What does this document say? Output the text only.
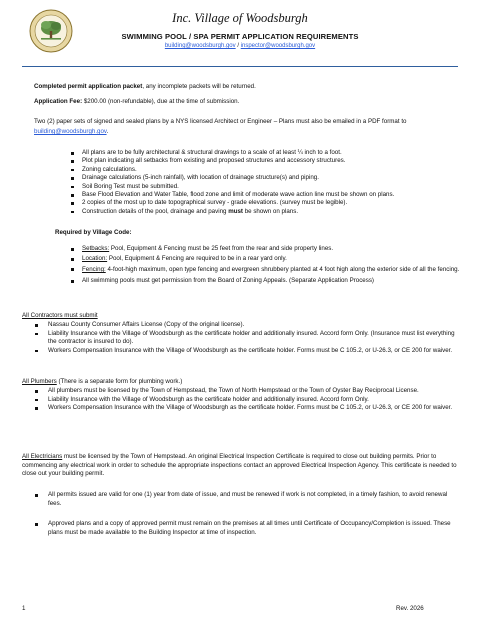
Inc. Village of Woodsburgh
SWIMMING POOL / SPA PERMIT APPLICATION REQUIREMENTS
building@woodsburgh.gov / inspector@woodsburgh.gov
Completed permit application packet, any incomplete packets will be returned.
Application Fee: $200.00 (non-refundable), due at the time of submission.
Two (2) paper sets of signed and sealed plans by a NYS licensed Architect or Engineer – Plans must also be emailed in a PDF format to building@woodsburgh.gov.
All plans are to be fully architectural & structural drawings to a scale of at least ¼ inch to a foot.
Plot plan indicating all setbacks from existing and proposed structures and accessory structures.
Zoning calculations.
Drainage calculations (5-inch rainfall), with location of drainage structure(s) and piping.
Soil Boring Test must be submitted.
Base Flood Elevation and Water Table, flood zone and limit of moderate wave action line must be shown on plans.
2 copies of the most up to date topographical survey - grade elevations. (survey must be legible).
Construction details of the pool, drainage and paving must be shown on plans.
Required by Village Code:
Setbacks: Pool, Equipment & Fencing must be 25 feet from the rear and side property lines.
Location: Pool, Equipment & Fencing are required to be in a rear yard only.
Fencing: 4-foot-high maximum, open type fencing and evergreen shrubbery planted at 4 foot high along the exterior side of all the fencing.
All swimming pools must get permission from the Board of Zoning Appeals. (Separate Application Process)
All Contractors must submit
Nassau County Consumer Affairs License (Copy of the original license).
Liability Insurance with the Village of Woodsburgh as the certificate holder and additionally insured. Accord form Only. (Insurance must list everything the contractor is insured to do).
Workers Compensation Insurance with the Village of Woodsburgh as the certificate holder. Forms must be C 105.2, or U-26.3, or CE 200 for waiver.
All Plumbers (There is a separate form for plumbing work.)
All plumbers must be licensed by the Town of Hempstead, the Town of North Hempstead or the Town of Oyster Bay Reciprocal License.
Liability Insurance with the Village of Woodsburgh as the certificate holder and additionally insured. Accord form Only.
Workers Compensation Insurance with the Village of Woodsburgh as the certificate holder. Forms must be C 105.2, or U-26.3, or CE 200 for waiver.
All Electricians must be licensed by the Town of Hempstead. An original Electrical Inspection Certificate is required to close out building permits. Prior to commencing any electrical work in order to schedule the appropriate inspections contact an approved Electrical Inspection Agency. This certificate is needed to close out your building permit.
All permits issued are valid for one (1) year from date of issue, and must be renewed if work is not completed, in a timely fashion, to avoid renewal fees.
Approved plans and a copy of approved permit must remain on the premises at all times until Certificate of Occupancy/Completion is issued. These plans must be made available to the Building Inspector at time of inspection.
1	Rev. 2026
